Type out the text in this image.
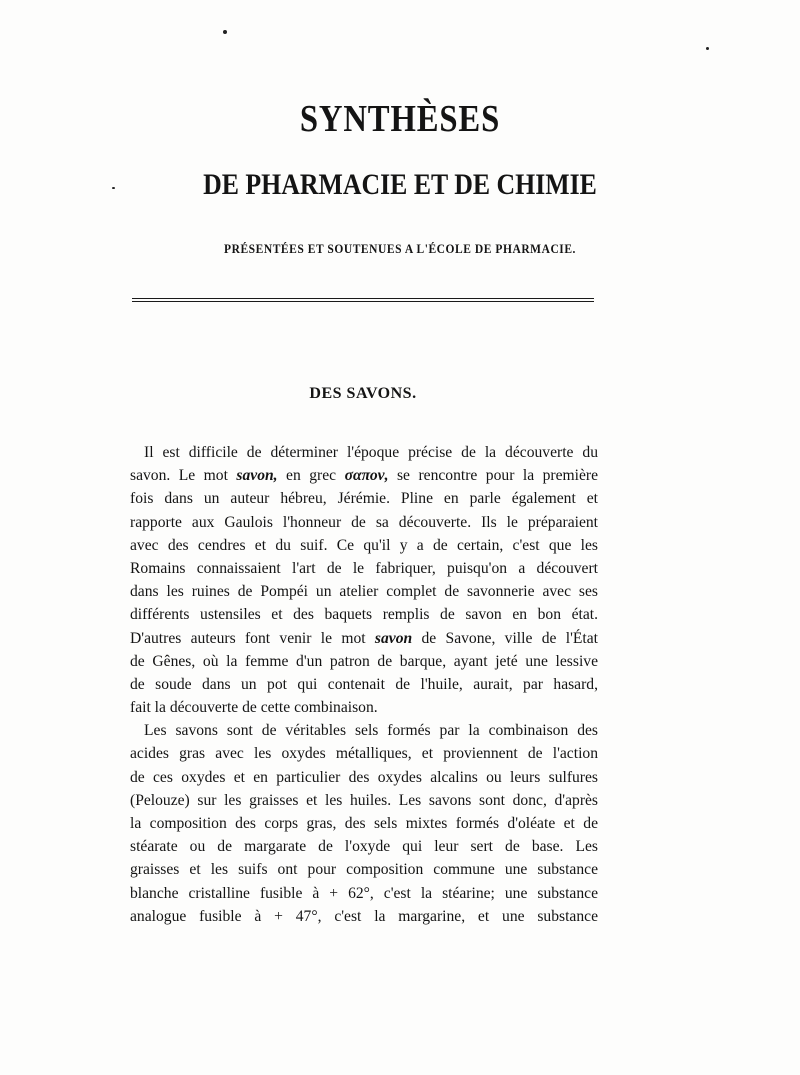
SYNTHÈSES
DE PHARMACIE ET DE CHIMIE
PRÉSENTÉES ET SOUTENUES A L'ÉCOLE DE PHARMACIE.
DES SAVONS.
Il est difficile de déterminer l'époque précise de la découverte du
savon. Le mot savon, en grec σαπον, se rencontre pour la première
fois dans un auteur hébreu, Jérémie. Pline en parle également et
rapporte aux Gaulois l'honneur de sa découverte. Ils le préparaient
avec des cendres et du suif. Ce qu'il y a de certain, c'est que les
Romains connaissaient l'art de le fabriquer, puisqu'on a découvert
dans les ruines de Pompéi un atelier complet de savonnerie avec ses
différents ustensiles et des baquets remplis de savon en bon état.
D'autres auteurs font venir le mot savon de Savone, ville de l'État
de Gênes, où la femme d'un patron de barque, ayant jeté une lessive
de soude dans un pot qui contenait de l'huile, aurait, par hasard,
fait la découverte de cette combinaison.
Les savons sont de véritables sels formés par la combinaison des
acides gras avec les oxydes métalliques, et proviennent de l'action
de ces oxydes et en particulier des oxydes alcalins ou leurs sulfures
(Pelouze) sur les graisses et les huiles. Les savons sont donc, d'après
la composition des corps gras, des sels mixtes formés d'oléate et de
stéarate ou de margarate de l'oxyde qui leur sert de base. Les
graisses et les suifs ont pour composition commune une substance
blanche cristalline fusible à + 62°, c'est la stéarine; une substance
analogue fusible à + 47°, c'est la margarine, et une substance
